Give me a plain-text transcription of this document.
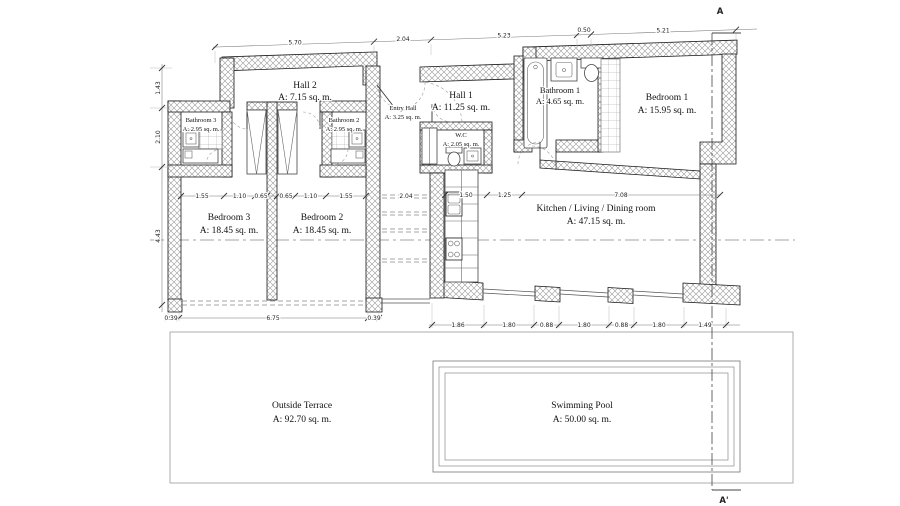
2.04
A
A'
5.70	2.04	5.23
0.50	5.21
1.43
2.10
4.43
1.55	1.10 0.65 0.65 1.10	1.55	1.50	1.25	7.08
0.39	6.75	0.39
1.86	1.80	0.88	1.80	0.88	1.80	1.49
Hall 2
A: 7.15 sq. m.
Entry Hall
A: 3.25 sq. m.
Hall 1
A: 11.25 sq. m.
Bathroom 1
A: 4.65 sq. m.	Bedroom 1
A: 15.95 sq. m.
Bathroom 3
A: 2.95 sq. m.
Bathroom 2
A: 2.95 sq. m.
W.C
A: 2.05 sq. m.
Bedroom 3
A: 18.45 sq. m.
Bedroom 2
A: 18.45 sq. m.
Kitchen / Living / Dining room
A: 47.15 sq. m.
Outside Terrace
A: 92.70 sq. m.
Swimming Pool
A: 50.00 sq. m.
